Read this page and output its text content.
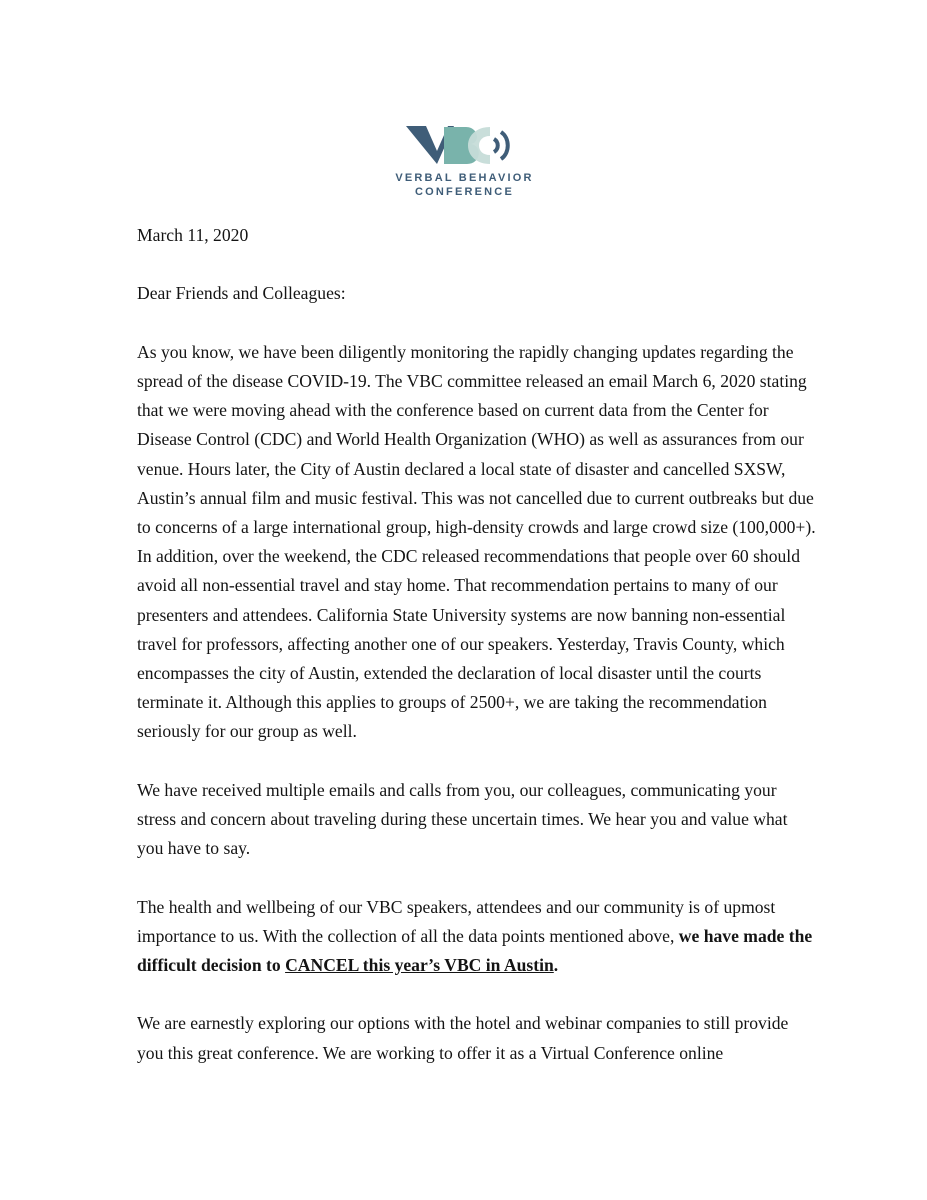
VERBAL BEHAVIOR
CONFERENCE

March 11, 2020

Dear Friends and Colleagues:

As you know, we have been diligently monitoring the rapidly changing updates regarding the spread of the disease COVID-19. The VBC committee released an email March 6, 2020 stating that we were moving ahead with the conference based on current data from the Center for Disease Control (CDC) and World Health Organization (WHO) as well as assurances from our venue. Hours later, the City of Austin declared a local state of disaster and cancelled SXSW, Austin’s annual film and music festival. This was not cancelled due to current outbreaks but due to concerns of a large international group, high-density crowds and large crowd size (100,000+). In addition, over the weekend, the CDC released recommendations that people over 60 should avoid all non-essential travel and stay home. That recommendation pertains to many of our presenters and attendees. California State University systems are now banning non-essential travel for professors, affecting another one of our speakers. Yesterday, Travis County, which encompasses the city of Austin, extended the declaration of local disaster until the courts terminate it. Although this applies to groups of 2500+, we are taking the recommendation seriously for our group as well.

We have received multiple emails and calls from you, our colleagues, communicating your stress and concern about traveling during these uncertain times. We hear you and value what you have to say.

The health and wellbeing of our VBC speakers, attendees and our community is of upmost importance to us. With the collection of all the data points mentioned above, we have made the difficult decision to CANCEL this year’s VBC in Austin.

We are earnestly exploring our options with the hotel and webinar companies to still provide you this great conference. We are working to offer it as a Virtual Conference online
